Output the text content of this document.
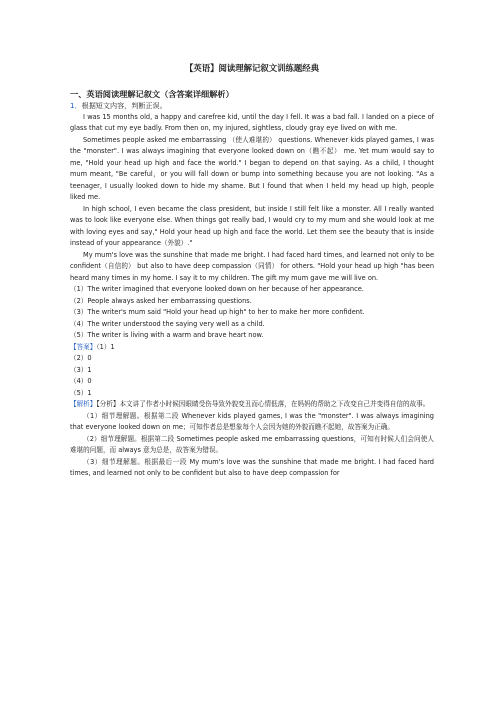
【英语】阅读理解记叙文训练题经典
一、英语阅读理解记叙文（含答案详细解析）
1．根据短文内容，判断正误。

I was 15 months old, a happy and carefree kid, until the day I fell. It was a bad fall. I landed on a piece of glass that cut my eye badly. From then on, my injured, sightless, cloudy gray eye lived on with me.

Sometimes people asked me embarrassing （使人难堪的） questions. Whenever kids played games, I was the "monster". I was always imagining that everyone looked down on（瞧不起） me. Yet mum would say to me, "Hold your head up high and face the world." I began to depend on that saying. As a child, I thought mum meant, "Be careful，or you will fall down or bump into something because you are not looking. "As a teenager, I usually looked down to hide my shame. But I found that when I held my head up high, people liked me.

In high school, I even became the class president, but inside I still felt like a monster. All I really wanted was to look like everyone else. When things got really bad, I would cry to my mum and she would look at me with loving eyes and say," Hold your head up high and face the world. Let them see the beauty that is inside instead of your appearance（外貌）."

My mum's love was the sunshine that made me bright. I had faced hard times, and learned not only to be confident（自信的） but also to have deep compassion（同情） for others. "Hold your head up high "has been heard many times in my home. I say it to my children. The gift my mum gave me will live on.

（1）The writer imagined that everyone looked down on her because of her appearance.

（2）People always asked her embarrassing questions.

（3）The writer's mum said "Hold your head up high" to her to make her more confident.

（4）The writer understood the saying very well as a child.

（5）The writer is living with a warm and brave heart now.

【答案】（1）1

（2）0

（3）1

（4）0

（5）1

【解析】【分析】本文讲了作者小时候因眼睛受伤导致外貌变丑而心情低落，在妈妈的帮助之下改变自己并变得自信的故事。

（1）细节理解题。根据第二段 Whenever kids played games, I was the "monster". I was always imagining that everyone looked down on me；可知作者总是想象每个人会因为她的外貌而瞧不起她，故答案为正确。

（2）细节理解题。根据第二段 Sometimes people asked me embarrassing questions，可知有时候人们会问使人难堪的问题，而 always 意为总是，故答案为错误。

（3）细节理解题。根据最后一段 My mum's love was the sunshine that made me bright. I had faced hard times, and learned not only to be confident but also to have deep compassion for
